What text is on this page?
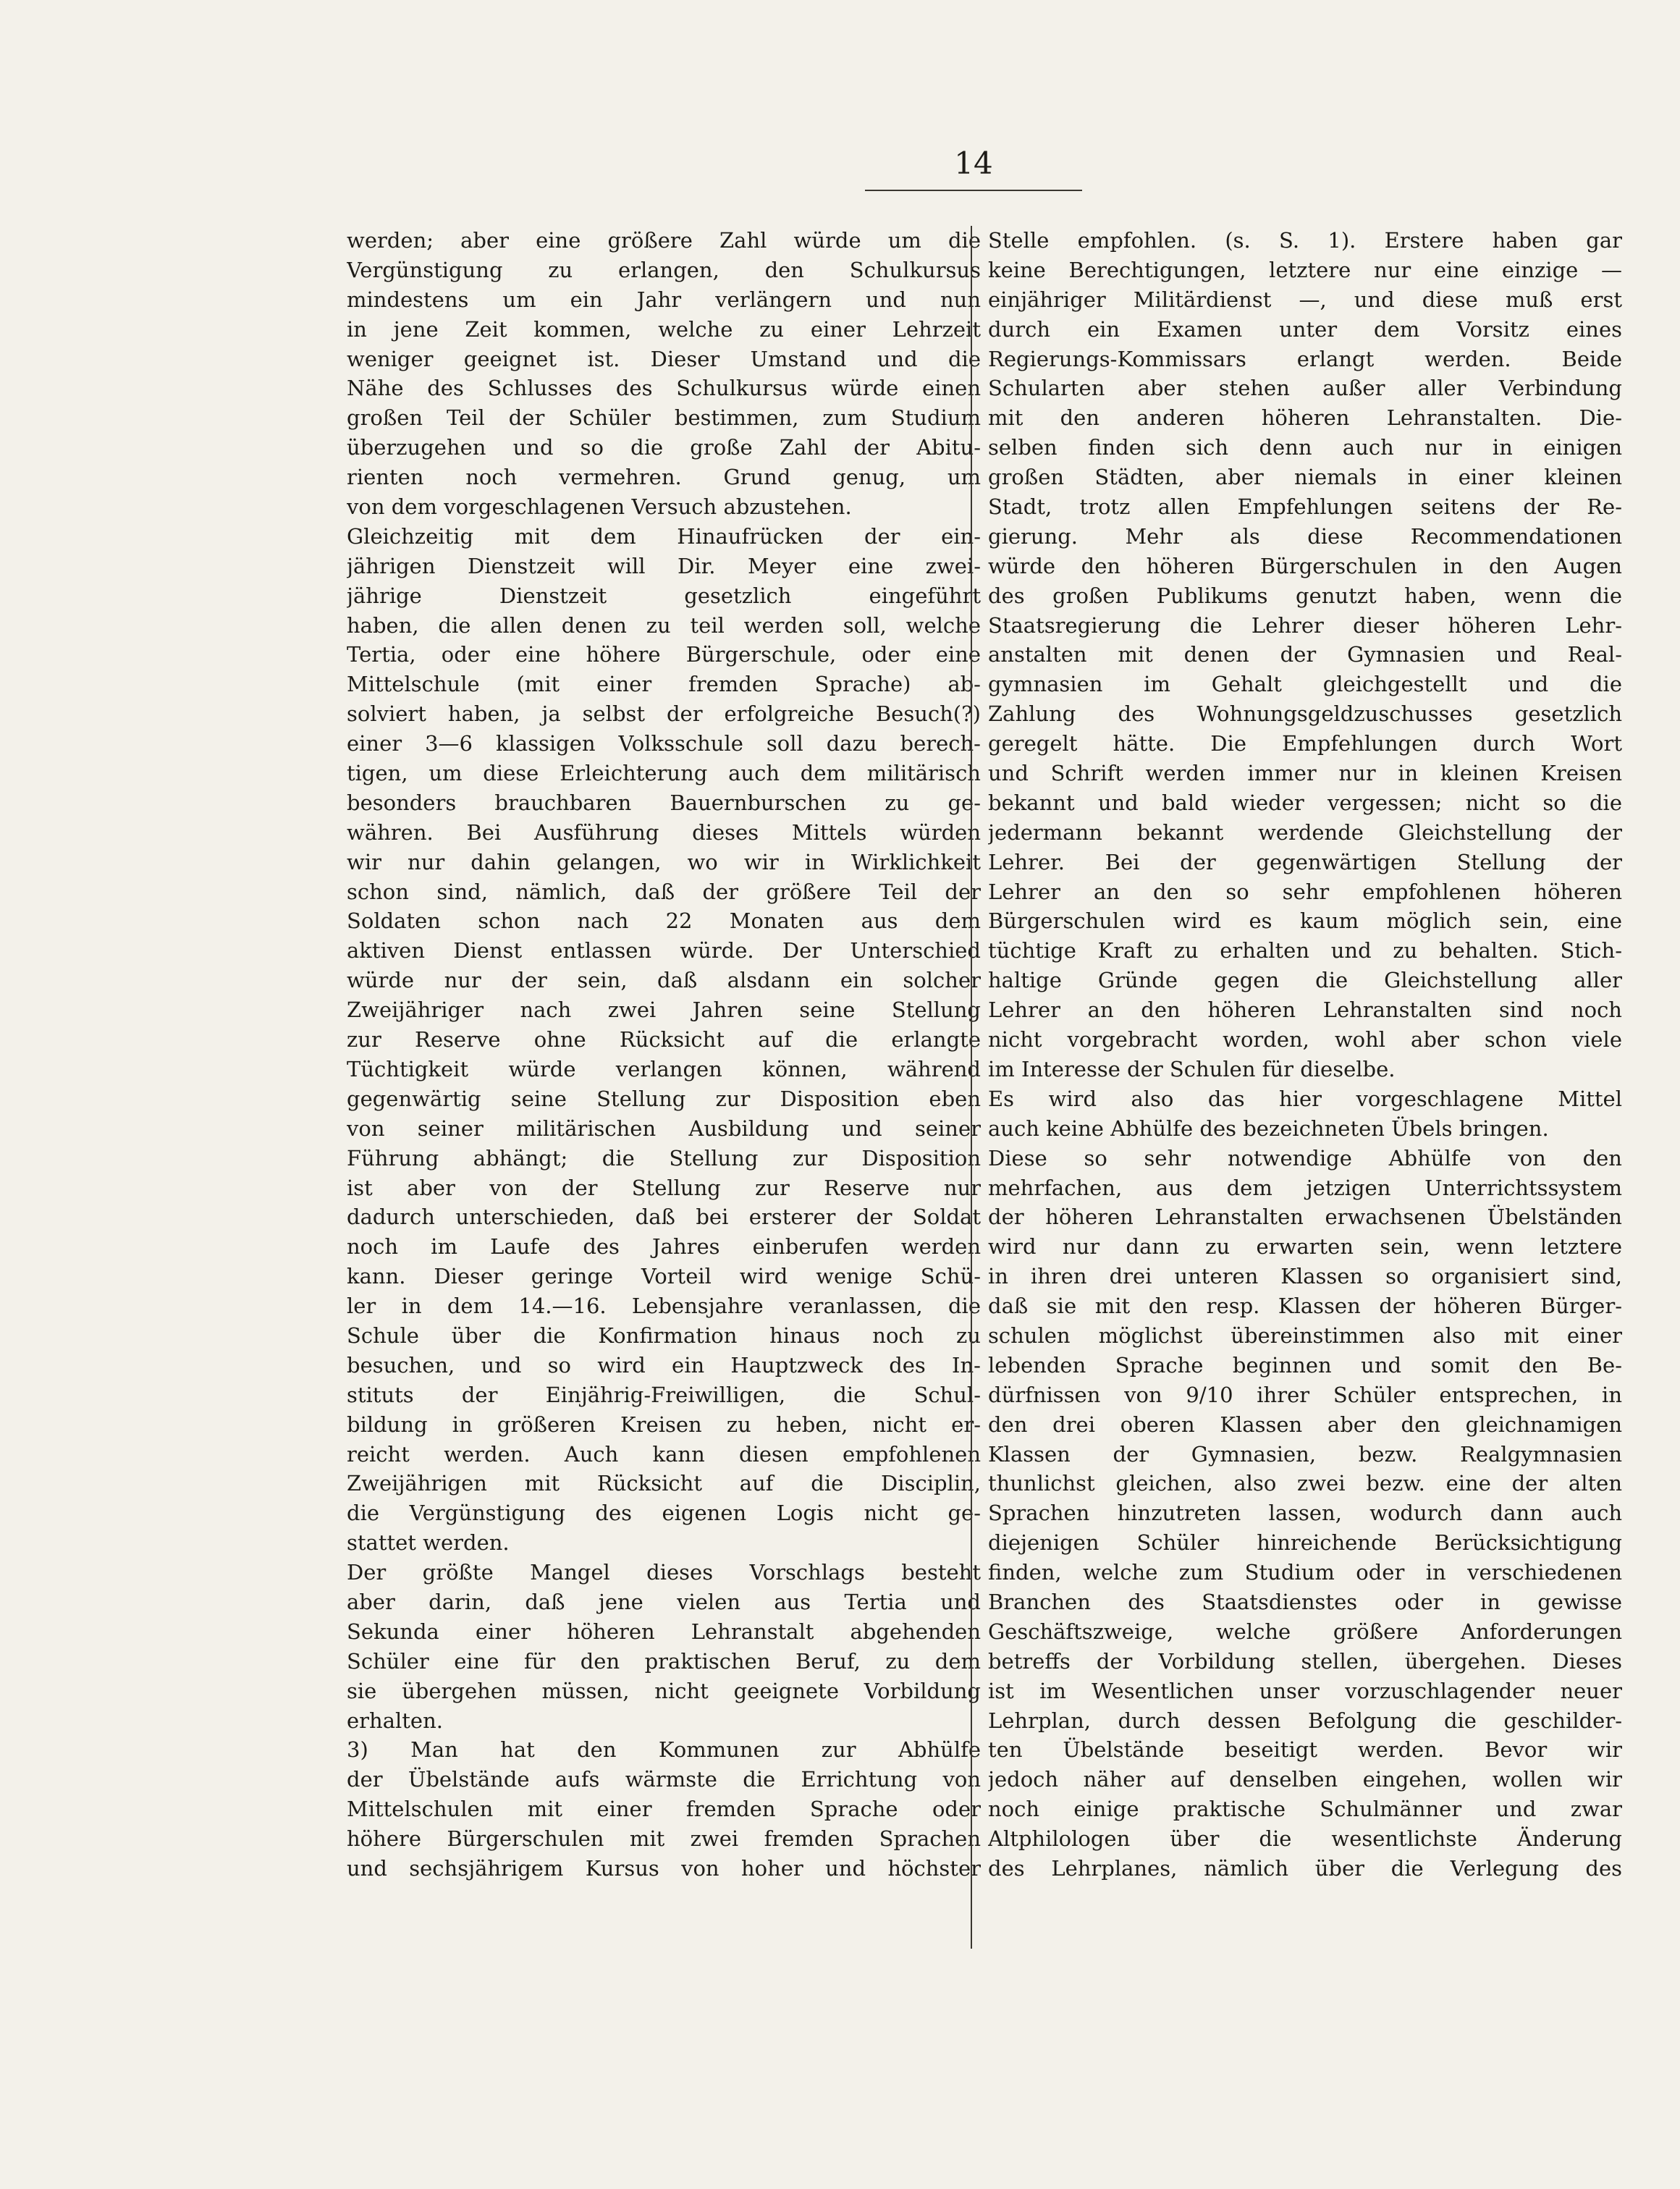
14
werden; aber eine größere Zahl würde um die
Vergünstigung zu erlangen, den Schulkursus
mindestens um ein Jahr verlängern und nun
in jene Zeit kommen, welche zu einer Lehrzeit
weniger geeignet ist. Dieser Umstand und die
Nähe des Schlusses des Schulkursus würde einen
großen Teil der Schüler bestimmen, zum Studium
überzugehen und so die große Zahl der Abitu-
rienten noch vermehren. Grund genug, um
von dem vorgeschlagenen Versuch abzustehen.
Gleichzeitig mit dem Hinaufrücken der ein-
jährigen Dienstzeit will Dir. Meyer eine zwei-
jährige Dienstzeit gesetzlich eingeführt
haben, die allen denen zu teil werden soll, welche
Tertia, oder eine höhere Bürgerschule, oder eine
Mittelschule (mit einer fremden Sprache) ab-
solviert haben, ja selbst der erfolgreiche Besuch(?)
einer 3—6 klassigen Volksschule soll dazu berech-
tigen, um diese Erleichterung auch dem militärisch
besonders brauchbaren Bauernburschen zu ge-
währen. Bei Ausführung dieses Mittels würden
wir nur dahin gelangen, wo wir in Wirklichkeit
schon sind, nämlich, daß der größere Teil der
Soldaten schon nach 22 Monaten aus dem
aktiven Dienst entlassen würde. Der Unterschied
würde nur der sein, daß alsdann ein solcher
Zweijähriger nach zwei Jahren seine Stellung
zur Reserve ohne Rücksicht auf die erlangte
Tüchtigkeit würde verlangen können, während
gegenwärtig seine Stellung zur Disposition eben
von seiner militärischen Ausbildung und seiner
Führung abhängt; die Stellung zur Disposition
ist aber von der Stellung zur Reserve nur
dadurch unterschieden, daß bei ersterer der Soldat
noch im Laufe des Jahres einberufen werden
kann. Dieser geringe Vorteil wird wenige Schü-
ler in dem 14.—16. Lebensjahre veranlassen, die
Schule über die Konfirmation hinaus noch zu
besuchen, und so wird ein Hauptzweck des In-
stituts der Einjährig-Freiwilligen, die Schul-
bildung in größeren Kreisen zu heben, nicht er-
reicht werden. Auch kann diesen empfohlenen
Zweijährigen mit Rücksicht auf die Disciplin,
die Vergünstigung des eigenen Logis nicht ge-
stattet werden.
Der größte Mangel dieses Vorschlags besteht
aber darin, daß jene vielen aus Tertia und
Sekunda einer höheren Lehranstalt abgehenden
Schüler eine für den praktischen Beruf, zu dem
sie übergehen müssen, nicht geeignete Vorbildung
erhalten.
3) Man hat den Kommunen zur Abhülfe
der Übelstände aufs wärmste die Errichtung von
Mittelschulen mit einer fremden Sprache oder
höhere Bürgerschulen mit zwei fremden Sprachen
und sechsjährigem Kursus von hoher und höchster
Stelle empfohlen. (s. S. 1). Erstere haben gar
keine Berechtigungen, letztere nur eine einzige —
einjähriger Militärdienst —, und diese muß erst
durch ein Examen unter dem Vorsitz eines
Regierungs-Kommissars erlangt werden. Beide
Schularten aber stehen außer aller Verbindung
mit den anderen höheren Lehranstalten. Die-
selben finden sich denn auch nur in einigen
großen Städten, aber niemals in einer kleinen
Stadt, trotz allen Empfehlungen seitens der Re-
gierung. Mehr als diese Recommendationen
würde den höheren Bürgerschulen in den Augen
des großen Publikums genutzt haben, wenn die
Staatsregierung die Lehrer dieser höheren Lehr-
anstalten mit denen der Gymnasien und Real-
gymnasien im Gehalt gleichgestellt und die
Zahlung des Wohnungsgeldzuschusses gesetzlich
geregelt hätte. Die Empfehlungen durch Wort
und Schrift werden immer nur in kleinen Kreisen
bekannt und bald wieder vergessen; nicht so die
jedermann bekannt werdende Gleichstellung der
Lehrer. Bei der gegenwärtigen Stellung der
Lehrer an den so sehr empfohlenen höheren
Bürgerschulen wird es kaum möglich sein, eine
tüchtige Kraft zu erhalten und zu behalten. Stich-
haltige Gründe gegen die Gleichstellung aller
Lehrer an den höheren Lehranstalten sind noch
nicht vorgebracht worden, wohl aber schon viele
im Interesse der Schulen für dieselbe.
Es wird also das hier vorgeschlagene Mittel
auch keine Abhülfe des bezeichneten Übels bringen.
Diese so sehr notwendige Abhülfe von den
mehrfachen, aus dem jetzigen Unterrichtssystem
der höheren Lehranstalten erwachsenen Übelständen
wird nur dann zu erwarten sein, wenn letztere
in ihren drei unteren Klassen so organisiert sind,
daß sie mit den resp. Klassen der höheren Bürger-
schulen möglichst übereinstimmen also mit einer
lebenden Sprache beginnen und somit den Be-
dürfnissen von 9/10 ihrer Schüler entsprechen, in
den drei oberen Klassen aber den gleichnamigen
Klassen der Gymnasien, bezw. Realgymnasien
thunlichst gleichen, also zwei bezw. eine der alten
Sprachen hinzutreten lassen, wodurch dann auch
diejenigen Schüler hinreichende Berücksichtigung
finden, welche zum Studium oder in verschiedenen
Branchen des Staatsdienstes oder in gewisse
Geschäftszweige, welche größere Anforderungen
betreffs der Vorbildung stellen, übergehen. Dieses
ist im Wesentlichen unser vorzuschlagender neuer
Lehrplan, durch dessen Befolgung die geschilder-
ten Übelstände beseitigt werden. Bevor wir
jedoch näher auf denselben eingehen, wollen wir
noch einige praktische Schulmänner und zwar
Altphilologen über die wesentlichste Änderung
des Lehrplanes, nämlich über die Verlegung des
